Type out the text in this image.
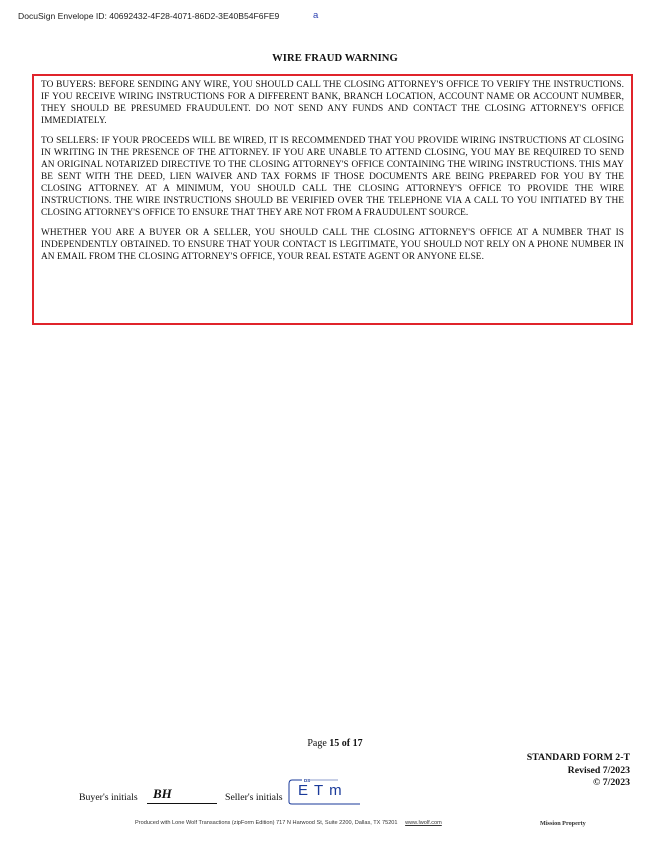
DocuSign Envelope ID: 40692432-4F28-4071-86D2-3E40B54F6FE9	a
WIRE FRAUD WARNING

TO BUYERS: BEFORE SENDING ANY WIRE, YOU SHOULD CALL THE CLOSING ATTORNEY'S OFFICE TO VERIFY THE INSTRUCTIONS. IF YOU RECEIVE WIRING INSTRUCTIONS FOR A DIFFERENT BANK, BRANCH LOCATION, ACCOUNT NAME OR ACCOUNT NUMBER, THEY SHOULD BE PRESUMED FRAUDULENT. DO NOT SEND ANY FUNDS AND CONTACT THE CLOSING ATTORNEY'S OFFICE IMMEDIATELY.

TO SELLERS: IF YOUR PROCEEDS WILL BE WIRED, IT IS RECOMMENDED THAT YOU PROVIDE WIRING INSTRUCTIONS AT CLOSING IN WRITING IN THE PRESENCE OF THE ATTORNEY. IF YOU ARE UNABLE TO ATTEND CLOSING, YOU MAY BE REQUIRED TO SEND AN ORIGINAL NOTARIZED DIRECTIVE TO THE CLOSING ATTORNEY'S OFFICE CONTAINING THE WIRING INSTRUCTIONS. THIS MAY BE SENT WITH THE DEED, LIEN WAIVER AND TAX FORMS IF THOSE DOCUMENTS ARE BEING PREPARED FOR YOU BY THE CLOSING ATTORNEY. AT A MINIMUM, YOU SHOULD CALL THE CLOSING ATTORNEY'S OFFICE TO PROVIDE THE WIRE INSTRUCTIONS. THE WIRE INSTRUCTIONS SHOULD BE VERIFIED OVER THE TELEPHONE VIA A CALL TO YOU INITIATED BY THE CLOSING ATTORNEY'S OFFICE TO ENSURE THAT THEY ARE NOT FROM A FRAUDULENT SOURCE.

WHETHER YOU ARE A BUYER OR A SELLER, YOU SHOULD CALL THE CLOSING ATTORNEY'S OFFICE AT A NUMBER THAT IS INDEPENDENTLY OBTAINED. TO ENSURE THAT YOUR CONTACT IS LEGITIMATE, YOU SHOULD NOT RELY ON A PHONE NUMBER IN AN EMAIL FROM THE CLOSING ATTORNEY'S OFFICE, YOUR REAL ESTATE AGENT OR ANYONE ELSE.

Page 15 of 17
STANDARD FORM 2-T
Revised 7/2023
© 7/2023
Buyer's initials BH	Seller's initials
DS
ETm
Produced with Lone Wolf Transactions (zipForm Edition) 717 N Harwood St, Suite 2200, Dallas, TX 75201 www.lwolf.com	Mission Property
